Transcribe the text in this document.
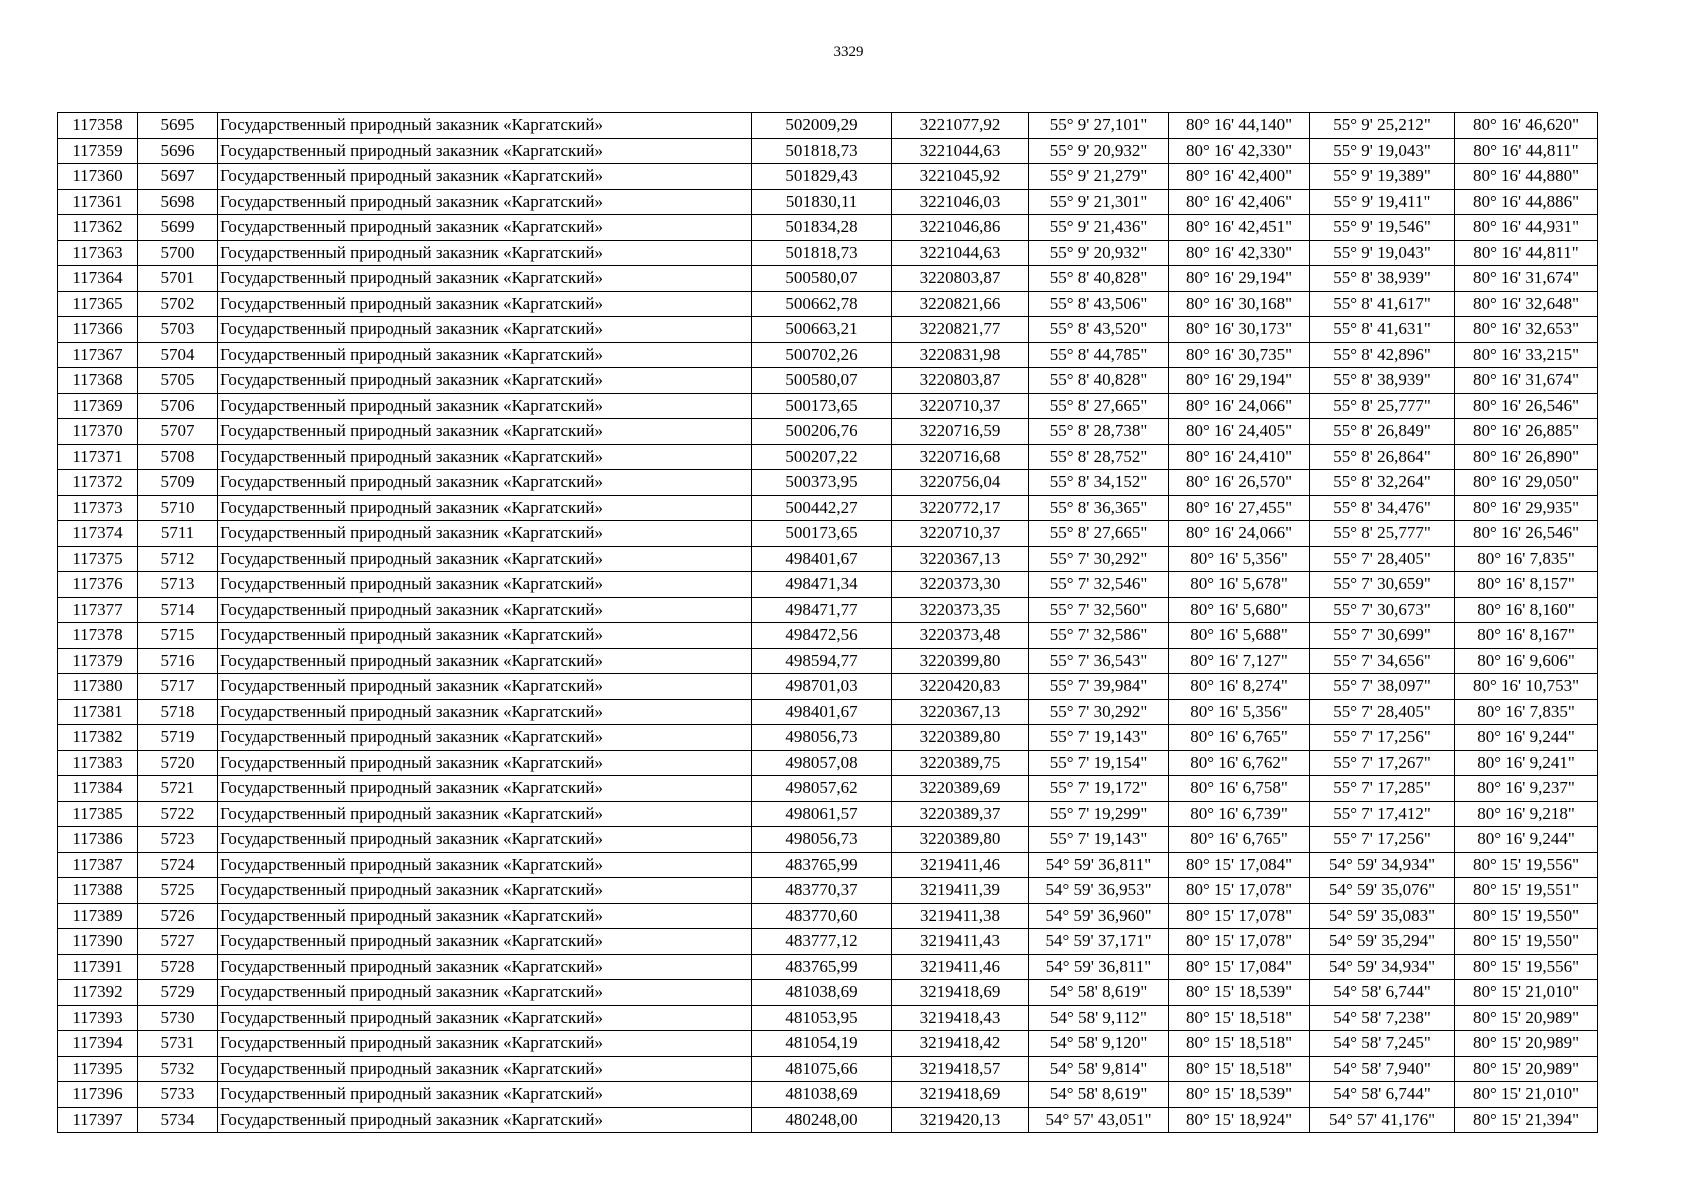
3329
117358	5695	Государственный природный заказник «Каргатский»	502009,29	3221077,92	55° 9' 27,101"	80° 16' 44,140"	55° 9' 25,212"	80° 16' 46,620"
117359	5696	Государственный природный заказник «Каргатский»	501818,73	3221044,63	55° 9' 20,932"	80° 16' 42,330"	55° 9' 19,043"	80° 16' 44,811"
117360	5697	Государственный природный заказник «Каргатский»	501829,43	3221045,92	55° 9' 21,279"	80° 16' 42,400"	55° 9' 19,389"	80° 16' 44,880"
117361	5698	Государственный природный заказник «Каргатский»	501830,11	3221046,03	55° 9' 21,301"	80° 16' 42,406"	55° 9' 19,411"	80° 16' 44,886"
117362	5699	Государственный природный заказник «Каргатский»	501834,28	3221046,86	55° 9' 21,436"	80° 16' 42,451"	55° 9' 19,546"	80° 16' 44,931"
117363	5700	Государственный природный заказник «Каргатский»	501818,73	3221044,63	55° 9' 20,932"	80° 16' 42,330"	55° 9' 19,043"	80° 16' 44,811"
117364	5701	Государственный природный заказник «Каргатский»	500580,07	3220803,87	55° 8' 40,828"	80° 16' 29,194"	55° 8' 38,939"	80° 16' 31,674"
117365	5702	Государственный природный заказник «Каргатский»	500662,78	3220821,66	55° 8' 43,506"	80° 16' 30,168"	55° 8' 41,617"	80° 16' 32,648"
117366	5703	Государственный природный заказник «Каргатский»	500663,21	3220821,77	55° 8' 43,520"	80° 16' 30,173"	55° 8' 41,631"	80° 16' 32,653"
117367	5704	Государственный природный заказник «Каргатский»	500702,26	3220831,98	55° 8' 44,785"	80° 16' 30,735"	55° 8' 42,896"	80° 16' 33,215"
117368	5705	Государственный природный заказник «Каргатский»	500580,07	3220803,87	55° 8' 40,828"	80° 16' 29,194"	55° 8' 38,939"	80° 16' 31,674"
117369	5706	Государственный природный заказник «Каргатский»	500173,65	3220710,37	55° 8' 27,665"	80° 16' 24,066"	55° 8' 25,777"	80° 16' 26,546"
117370	5707	Государственный природный заказник «Каргатский»	500206,76	3220716,59	55° 8' 28,738"	80° 16' 24,405"	55° 8' 26,849"	80° 16' 26,885"
117371	5708	Государственный природный заказник «Каргатский»	500207,22	3220716,68	55° 8' 28,752"	80° 16' 24,410"	55° 8' 26,864"	80° 16' 26,890"
117372	5709	Государственный природный заказник «Каргатский»	500373,95	3220756,04	55° 8' 34,152"	80° 16' 26,570"	55° 8' 32,264"	80° 16' 29,050"
117373	5710	Государственный природный заказник «Каргатский»	500442,27	3220772,17	55° 8' 36,365"	80° 16' 27,455"	55° 8' 34,476"	80° 16' 29,935"
117374	5711	Государственный природный заказник «Каргатский»	500173,65	3220710,37	55° 8' 27,665"	80° 16' 24,066"	55° 8' 25,777"	80° 16' 26,546"
117375	5712	Государственный природный заказник «Каргатский»	498401,67	3220367,13	55° 7' 30,292"	80° 16' 5,356"	55° 7' 28,405"	80° 16' 7,835"
117376	5713	Государственный природный заказник «Каргатский»	498471,34	3220373,30	55° 7' 32,546"	80° 16' 5,678"	55° 7' 30,659"	80° 16' 8,157"
117377	5714	Государственный природный заказник «Каргатский»	498471,77	3220373,35	55° 7' 32,560"	80° 16' 5,680"	55° 7' 30,673"	80° 16' 8,160"
117378	5715	Государственный природный заказник «Каргатский»	498472,56	3220373,48	55° 7' 32,586"	80° 16' 5,688"	55° 7' 30,699"	80° 16' 8,167"
117379	5716	Государственный природный заказник «Каргатский»	498594,77	3220399,80	55° 7' 36,543"	80° 16' 7,127"	55° 7' 34,656"	80° 16' 9,606"
117380	5717	Государственный природный заказник «Каргатский»	498701,03	3220420,83	55° 7' 39,984"	80° 16' 8,274"	55° 7' 38,097"	80° 16' 10,753"
117381	5718	Государственный природный заказник «Каргатский»	498401,67	3220367,13	55° 7' 30,292"	80° 16' 5,356"	55° 7' 28,405"	80° 16' 7,835"
117382	5719	Государственный природный заказник «Каргатский»	498056,73	3220389,80	55° 7' 19,143"	80° 16' 6,765"	55° 7' 17,256"	80° 16' 9,244"
117383	5720	Государственный природный заказник «Каргатский»	498057,08	3220389,75	55° 7' 19,154"	80° 16' 6,762"	55° 7' 17,267"	80° 16' 9,241"
117384	5721	Государственный природный заказник «Каргатский»	498057,62	3220389,69	55° 7' 19,172"	80° 16' 6,758"	55° 7' 17,285"	80° 16' 9,237"
117385	5722	Государственный природный заказник «Каргатский»	498061,57	3220389,37	55° 7' 19,299"	80° 16' 6,739"	55° 7' 17,412"	80° 16' 9,218"
117386	5723	Государственный природный заказник «Каргатский»	498056,73	3220389,80	55° 7' 19,143"	80° 16' 6,765"	55° 7' 17,256"	80° 16' 9,244"
117387	5724	Государственный природный заказник «Каргатский»	483765,99	3219411,46	54° 59' 36,811"	80° 15' 17,084"	54° 59' 34,934"	80° 15' 19,556"
117388	5725	Государственный природный заказник «Каргатский»	483770,37	3219411,39	54° 59' 36,953"	80° 15' 17,078"	54° 59' 35,076"	80° 15' 19,551"
117389	5726	Государственный природный заказник «Каргатский»	483770,60	3219411,38	54° 59' 36,960"	80° 15' 17,078"	54° 59' 35,083"	80° 15' 19,550"
117390	5727	Государственный природный заказник «Каргатский»	483777,12	3219411,43	54° 59' 37,171"	80° 15' 17,078"	54° 59' 35,294"	80° 15' 19,550"
117391	5728	Государственный природный заказник «Каргатский»	483765,99	3219411,46	54° 59' 36,811"	80° 15' 17,084"	54° 59' 34,934"	80° 15' 19,556"
117392	5729	Государственный природный заказник «Каргатский»	481038,69	3219418,69	54° 58' 8,619"	80° 15' 18,539"	54° 58' 6,744"	80° 15' 21,010"
117393	5730	Государственный природный заказник «Каргатский»	481053,95	3219418,43	54° 58' 9,112"	80° 15' 18,518"	54° 58' 7,238"	80° 15' 20,989"
117394	5731	Государственный природный заказник «Каргатский»	481054,19	3219418,42	54° 58' 9,120"	80° 15' 18,518"	54° 58' 7,245"	80° 15' 20,989"
117395	5732	Государственный природный заказник «Каргатский»	481075,66	3219418,57	54° 58' 9,814"	80° 15' 18,518"	54° 58' 7,940"	80° 15' 20,989"
117396	5733	Государственный природный заказник «Каргатский»	481038,69	3219418,69	54° 58' 8,619"	80° 15' 18,539"	54° 58' 6,744"	80° 15' 21,010"
117397	5734	Государственный природный заказник «Каргатский»	480248,00	3219420,13	54° 57' 43,051"	80° 15' 18,924"	54° 57' 41,176"	80° 15' 21,394"
